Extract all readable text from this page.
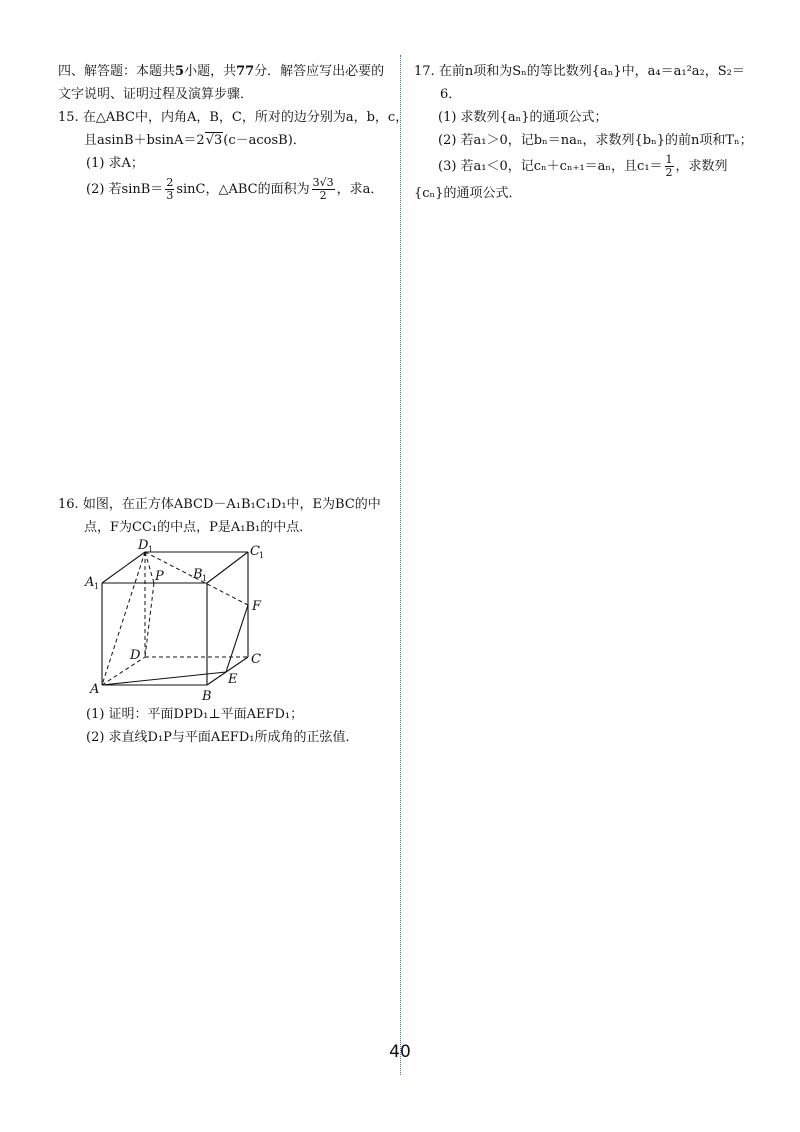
四、解答题：本题共5小题，共77分．解答应写出必要的
文字说明、证明过程及演算步骤．
15. 在△ABC中，内角A，B，C，所对的边分别为a，b，c，
且asinB＋bsinA＝2√3(c－acosB)．
(1) 求A；
(2) 若$\sin B= \frac{2}{3}$ sinC，△ABC的面积为 $\frac{3√3}{2}$ ，求a．
16. 如图，在正方体ABCD－A₁B₁C₁D₁中，E为BC的中
点，F为CC₁的中点，P是A₁B₁的中点．
D 1	C 1
A 1
P B 1
F
D	C
E
A	B
(1) 证明：平面DPD₁⊥平面AEFD₁；
(2) 求直线D₁P与平面AEFD₁所成角的正弦值．
17. 在前n项和为Sₙ的等比数列{aₙ}中，a₄＝a₁²a₂，S₂＝
6．
(1) 求数列{aₙ}的通项公式；
(2) 若a₁＞0，记bₙ＝naₙ，求数列{bₙ}的前n项和Tₙ；
(3) 若a₁＜0，记cₙ＋cₙ₊₁＝aₙ，且$c_1= \frac{1}{2}$ ，求数列
{cₙ}的通项公式．
40
